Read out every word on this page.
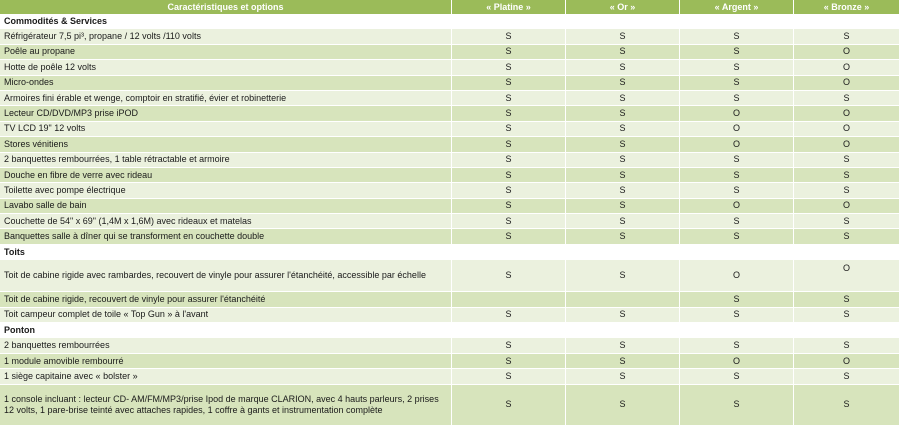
Caractéristiques et options	« Platine »	« Or »	« Argent »	« Bronze »
Commodités & Services				
Réfrigérateur 7,5 pi³, propane / 12 volts /110 volts	S	S	S	S
Poêle au propane	S	S	S	O
Hotte de poêle 12 volts	S	S	S	O
Micro-ondes	S	S	S	O
Armoires fini érable et wenge, comptoir en stratifié, évier et robinetterie	S	S	S	S
Lecteur CD/DVD/MP3 prise iPOD	S	S	O	O
TV LCD 19" 12 volts	S	S	O	O
Stores vénitiens	S	S	O	O
2 banquettes rembourrées, 1 table rétractable et armoire	S	S	S	S
Douche en fibre de verre avec rideau	S	S	S	S
Toilette avec pompe électrique	S	S	S	S
Lavabo salle de bain	S	S	O	O
Couchette de 54" x 69" (1,4M x 1,6M) avec rideaux et matelas	S	S	S	S
Banquettes salle à dîner qui se transforment en couchette double	S	S	S	S
Toits				
Toit de cabine rigide avec rambardes, recouvert de vinyle pour assurer l'étanchéité, accessible par échelle	S	S	O	O
Toit de cabine rigide, recouvert de vinyle pour assurer l'étanchéité			S	S
Toit campeur complet de toile « Top Gun » à l'avant	S	S	S	S
Ponton				
2 banquettes rembourrées	S	S	S	S
1 module amovible rembourré	S	S	O	O
1 siège capitaine avec « bolster »	S	S	S	S
1 console incluant : lecteur CD- AM/FM/MP3/prise Ipod de marque CLARION, avec 4 hauts parleurs, 2 prises 12 volts, 1 pare-brise teinté avec attaches rapides, 1 coffre à gants et instrumentation complète	S	S	S	S
